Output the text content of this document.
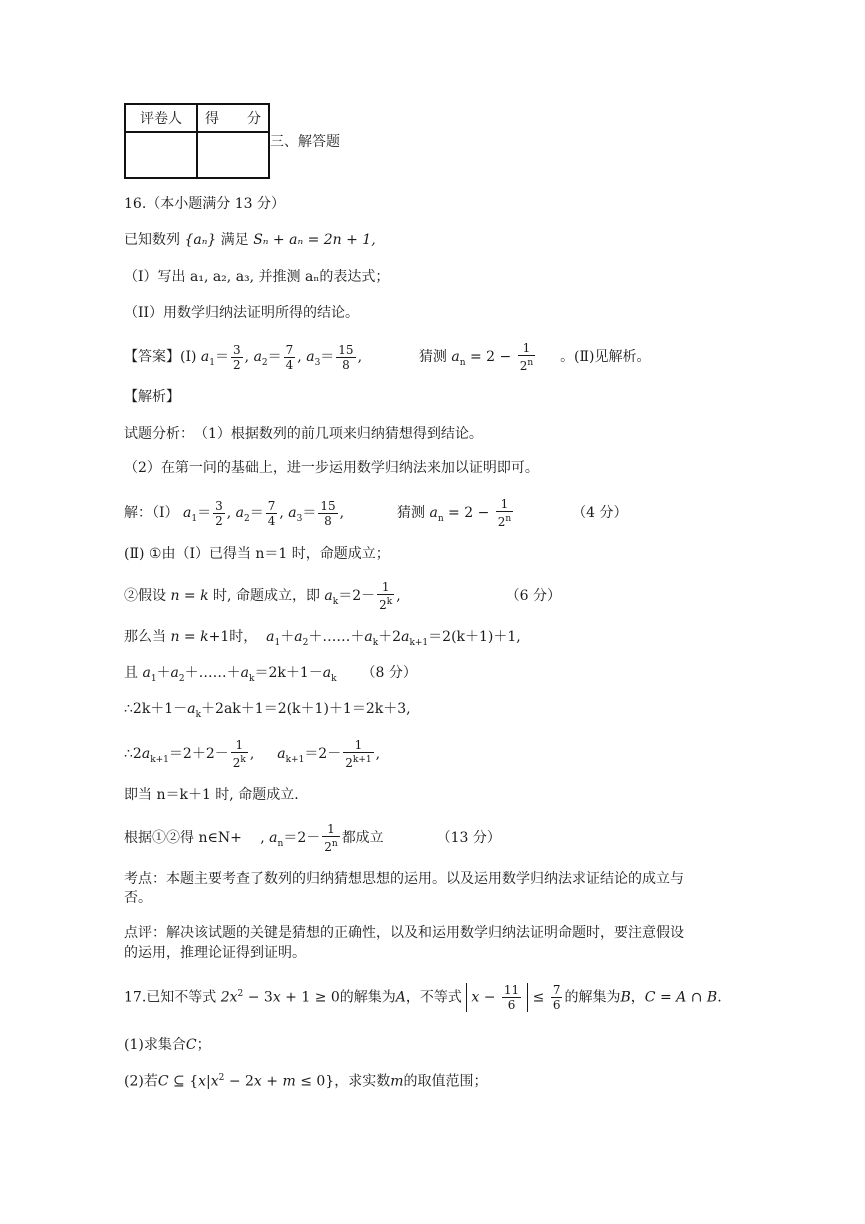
评卷人	得　　分

三、解答题
16.（本小题满分 13 分）
已知数列 {aₙ} 满足 Sₙ + aₙ = 2n + 1,
（I）写出 a₁, a₂, a₃, 并推测 aₙ的表达式；
（II）用数学归纳法证明所得的结论。
【答案】(Ⅰ) $a_1= \frac{3}{2}$ , $a_2= \frac{7}{4}$ , $a_3= \frac{15}{8}$ ,	猜测 $a_n = 2 - \frac{1}{2^n}$ 。(Ⅱ)见解析。
【解析】
试题分析：　（1）根据数列的前几项来归纳猜想得到结论。
（2）在第一问的基础上，进一步运用数学归纳法来加以证明即可。
解：（Ⅰ） $a_1= \frac{3}{2}$ , $a_2= \frac{7}{4}$ , $a_3= \frac{15}{8}$ ,	猜测 $a_n = 2 - \frac{1}{2^n}$	（4 分）
(Ⅱ) ①由（Ⅰ）已得当 n＝1 时，命题成立；
②假设 n = k 时, 命题成立，即 $a_k=2- \frac{1}{2^k}$ ,	（6 分）
那么当 n = k+1时， $a_1+a_2+\dots\dots+a_k+2a_{k+1}=2(k+1)+1$,
且 $a_1+a_2+\dots\dots+a_k=2k+1-a_k$ （8 分）
$\therefore 2k+1-a_k+2ak+1=2(k+1)+1=2k+3$,
$\therefore 2a_{k+1}=2+2- \frac{1}{2^k}$ ,  $a_{k+1}=2- \frac{1}{2^{k+1}}$ ,
即当 n＝k＋1 时, 命题成立.
根据①②得 n∈N+　 , $a_n=2- \frac{1}{2^n}$ 都成立	（13 分）
考点：本题主要考查了数列的归纳猜想思想的运用。以及运用数学归纳法求证结论的成立与
否。
点评：解决该试题的关键是猜想的正确性，以及和运用数学归纳法证明命题时，要注意假设
的运用，推理论证得到证明。
17.已知不等式 $2x^2 - 3x + 1 \ge 0$的解集为A，不等式 $x - \frac{11}{6} \le \frac{7}{6}$ 的解集为B，C = A ∩ B.
(1)求集合C；
(2)若C ⊆ $\{x|x^2 - 2x + m \le 0\}$，求实数m的取值范围；
